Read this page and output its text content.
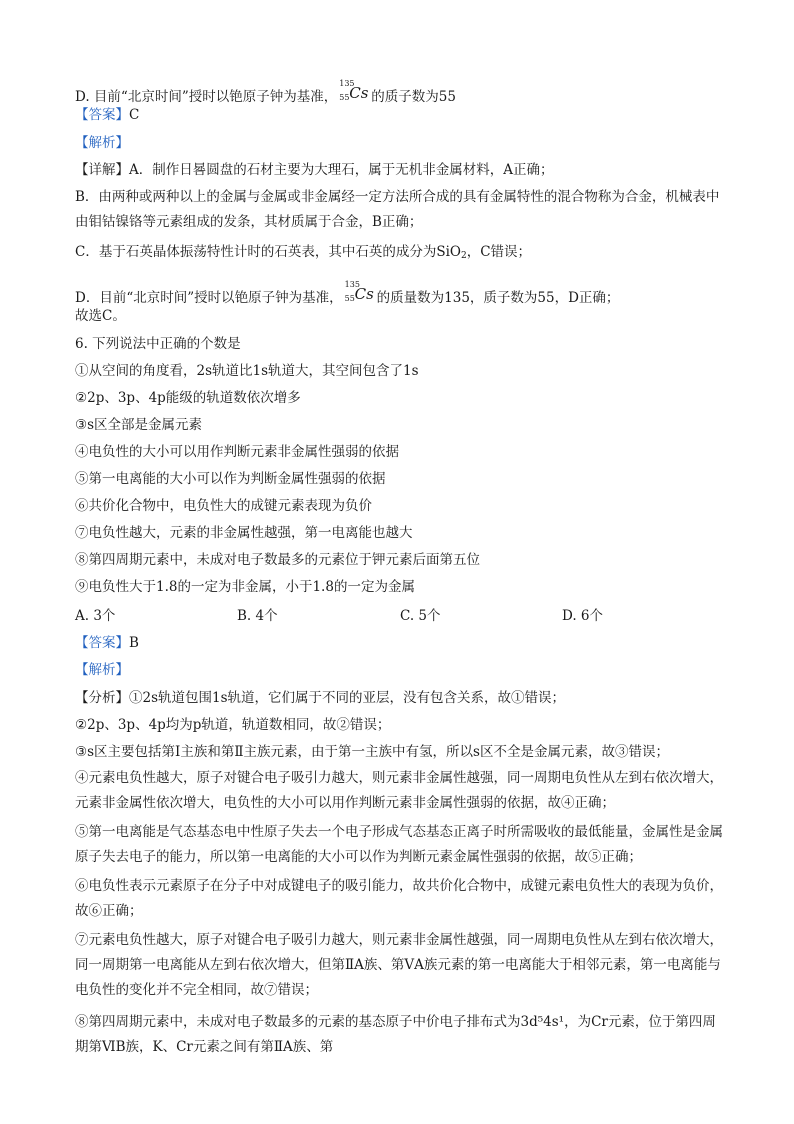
D. 目前“北京时间”授时以铯原子钟为基准，
135
55 Cs 的质子数为55
【答案】C
【解析】
【详解】A．制作日晷圆盘的石材主要为大理石，属于无机非金属材料，A正确；
B．由两种或两种以上的金属与金属或非金属经一定方法所合成的具有金属特性的混合物称为合金，机械表中由钼钴镍铬等元素组成的发条，其材质属于合金，B正确；
C．基于石英晶体振荡特性计时的石英表，其中石英的成分为SiO$_2$，C错误；
D．目前“北京时间”授时以铯原子钟为基准，
135
55 Cs 的质量数为135，质子数为55，D正确；
故选C。
6. 下列说法中正确的个数是
①从空间的角度看，2s轨道比1s轨道大，其空间包含了1s
②2p、3p、4p能级的轨道数依次增多
③s区全部是金属元素
④电负性的大小可以用作判断元素非金属性强弱的依据
⑤第一电离能的大小可以作为判断金属性强弱的依据
⑥共价化合物中，电负性大的成键元素表现为负价
⑦电负性越大，元素的非金属性越强，第一电离能也越大
⑧第四周期元素中，未成对电子数最多的元素位于钾元素后面第五位
⑨电负性大于1.8的一定为非金属，小于1.8的一定为金属
A. 3个	B. 4个	C. 5个	D. 6个
【答案】B
【解析】
【分析】①2s轨道包围1s轨道，它们属于不同的亚层，没有包含关系，故①错误；
②2p、3p、4p均为p轨道，轨道数相同，故②错误；
③s区主要包括第Ⅰ主族和第Ⅱ主族元素，由于第一主族中有氢，所以s区不全是金属元素，故③错误；
④元素电负性越大，原子对键合电子吸引力越大，则元素非金属性越强，同一周期电负性从左到右依次增大，元素非金属性依次增大，电负性的大小可以用作判断元素非金属性强弱的依据，故④正确；
⑤第一电离能是气态基态电中性原子失去一个电子形成气态基态正离子时所需吸收的最低能量，金属性是金属原子失去电子的能力，所以第一电离能的大小可以作为判断元素金属性强弱的依据，故⑤正确；
⑥电负性表示元素原子在分子中对成键电子的吸引能力，故共价化合物中，成键元素电负性大的表现为负价，故⑥正确；
⑦元素电负性越大，原子对键合电子吸引力越大，则元素非金属性越强，同一周期电负性从左到右依次增大，同一周期第一电离能从左到右依次增大，但第ⅡA族、第ⅤA族元素的第一电离能大于相邻元素，第一电离能与电负性的变化并不完全相同，故⑦错误；
⑧第四周期元素中，未成对电子数最多的元素的基态原子中价电子排布式为3d⁵4s¹，为Cr元素，位于第四周期第ⅥB族，K、Cr元素之间有第ⅡA族、第
